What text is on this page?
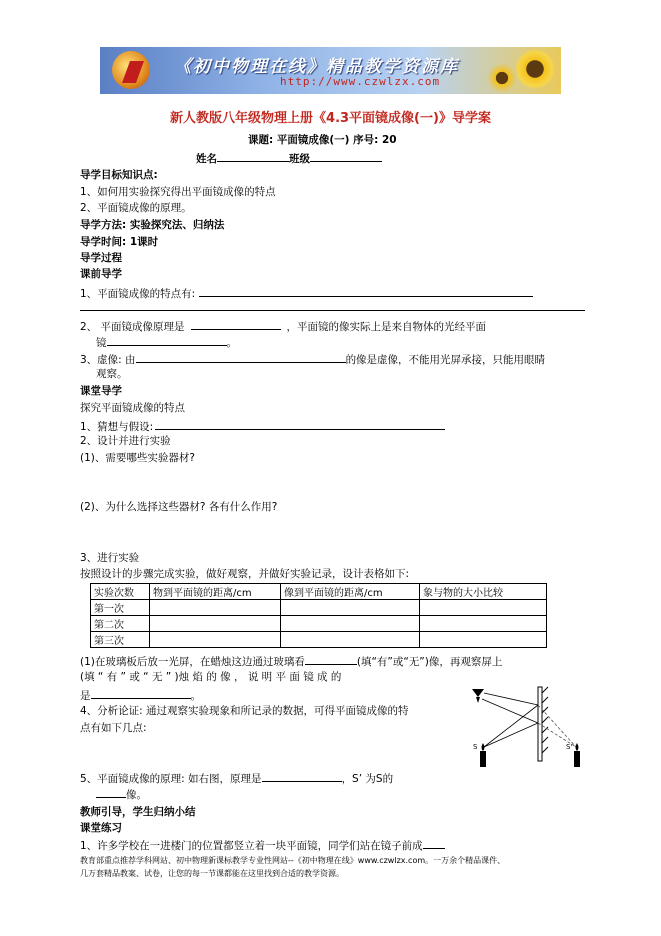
《初中物理在线》精品教学资源库
http://www.czwlzx.com
新人教版八年级物理上册《4.3平面镜成像(一)》导学案
课题: 平面镜成像(一) 序号: 20
姓名	班级
导学目标知识点:
1、如何用实验探究得出平面镜成像的特点
2、平面镜成像的原理。
导学方法: 实验探究法、归纳法
导学时间: 1课时
导学过程
课前导学
1、平面镜成像的特点有:
2、 平面镜成像原理是	，平面镜的像实际上是来自物体的光经平面
镜	。
3、虚像: 由	的像是虚像，不能用光屏承接，只能用眼睛
观察。
课堂导学
探究平面镜成像的特点
1、猜想与假设:
2、设计并进行实验
(1)、需要哪些实验器材?
(2)、为什么选择这些器材? 各有什么作用?
3、进行实验
按照设计的步骤完成实验，做好观察，并做好实验记录，设计表格如下:
实验次数	物到平面镜的距离/cm	像到平面镜的距离/cm	象与物的大小比较
第一次			
第二次			
第三次			
(1)在玻璃板后放一光屏，在蜡烛这边通过玻璃看	(填“有”或“无”)像，再观察屏上
(填 “ 有 ” 或 “ 无 ” )烛 焰 的 像 ， 说 明 平 面 镜 成 的
是	。
4、分析论证: 通过观察实验现象和所记录的数据，可得平面镜成像的特
点有如下几点:
5、平面镜成像的原理: 如右图，原理是	，S’ 为S的
像。
S	S'
教师引导，学生归纳小结
课堂练习
1、许多学校在一进楼门的位置都竖立着一块平面镜，同学们站在镜子前成
教育部重点推荐学科网站、初中物理新课标教学专业性网站--《初中物理在线》www.czwlzx.com。一万余个精品课件、
几万套精品教案、试卷，让您的每一节课都能在这里找到合适的教学资源。
